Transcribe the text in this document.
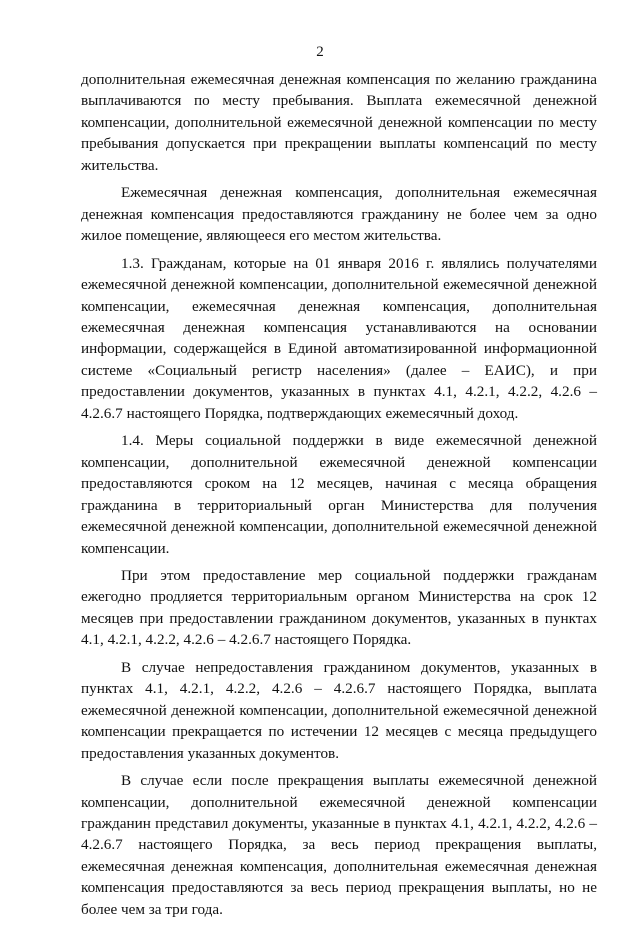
2

дополнительная ежемесячная денежная компенсация по желанию гражданина выплачиваются по месту пребывания. Выплата ежемесячной денежной компенсации, дополнительной ежемесячной денежной компенсации по месту пребывания допускается при прекращении выплаты компенсаций по месту жительства.

Ежемесячная денежная компенсация, дополнительная ежемесячная денежная компенсация предоставляются гражданину не более чем за одно жилое помещение, являющееся его местом жительства.

1.3. Гражданам, которые на 01 января 2016 г. являлись получателями ежемесячной денежной компенсации, дополнительной ежемесячной денежной компенсации, ежемесячная денежная компенсация, дополнительная ежемесячная денежная компенсация устанавливаются на основании информации, содержащейся в Единой автоматизированной информационной системе «Социальный регистр населения» (далее – ЕАИС), и при предоставлении документов, указанных в пунктах 4.1, 4.2.1, 4.2.2, 4.2.6 – 4.2.6.7 настоящего Порядка, подтверждающих ежемесячный доход.

1.4. Меры социальной поддержки в виде ежемесячной денежной компенсации, дополнительной ежемесячной денежной компенсации предоставляются сроком на 12 месяцев, начиная с месяца обращения гражданина в территориальный орган Министерства для получения ежемесячной денежной компенсации, дополнительной ежемесячной денежной компенсации.

При этом предоставление мер социальной поддержки гражданам ежегодно продляется территориальным органом Министерства на срок 12 месяцев при предоставлении гражданином документов, указанных в пунктах 4.1, 4.2.1, 4.2.2, 4.2.6 – 4.2.6.7 настоящего Порядка.

В случае непредоставления гражданином документов, указанных в пунктах 4.1, 4.2.1, 4.2.2, 4.2.6 – 4.2.6.7 настоящего Порядка, выплата ежемесячной денежной компенсации, дополнительной ежемесячной денежной компенсации прекращается по истечении 12 месяцев с месяца предыдущего предоставления указанных документов.

В случае если после прекращения выплаты ежемесячной денежной компенсации, дополнительной ежемесячной денежной компенсации гражданин представил документы, указанные в пунктах 4.1, 4.2.1, 4.2.2, 4.2.6 – 4.2.6.7 настоящего Порядка, за весь период прекращения выплаты, ежемесячная денежная компенсация, дополнительная ежемесячная денежная компенсация предоставляются за весь период прекращения выплаты, но не более чем за три года.
